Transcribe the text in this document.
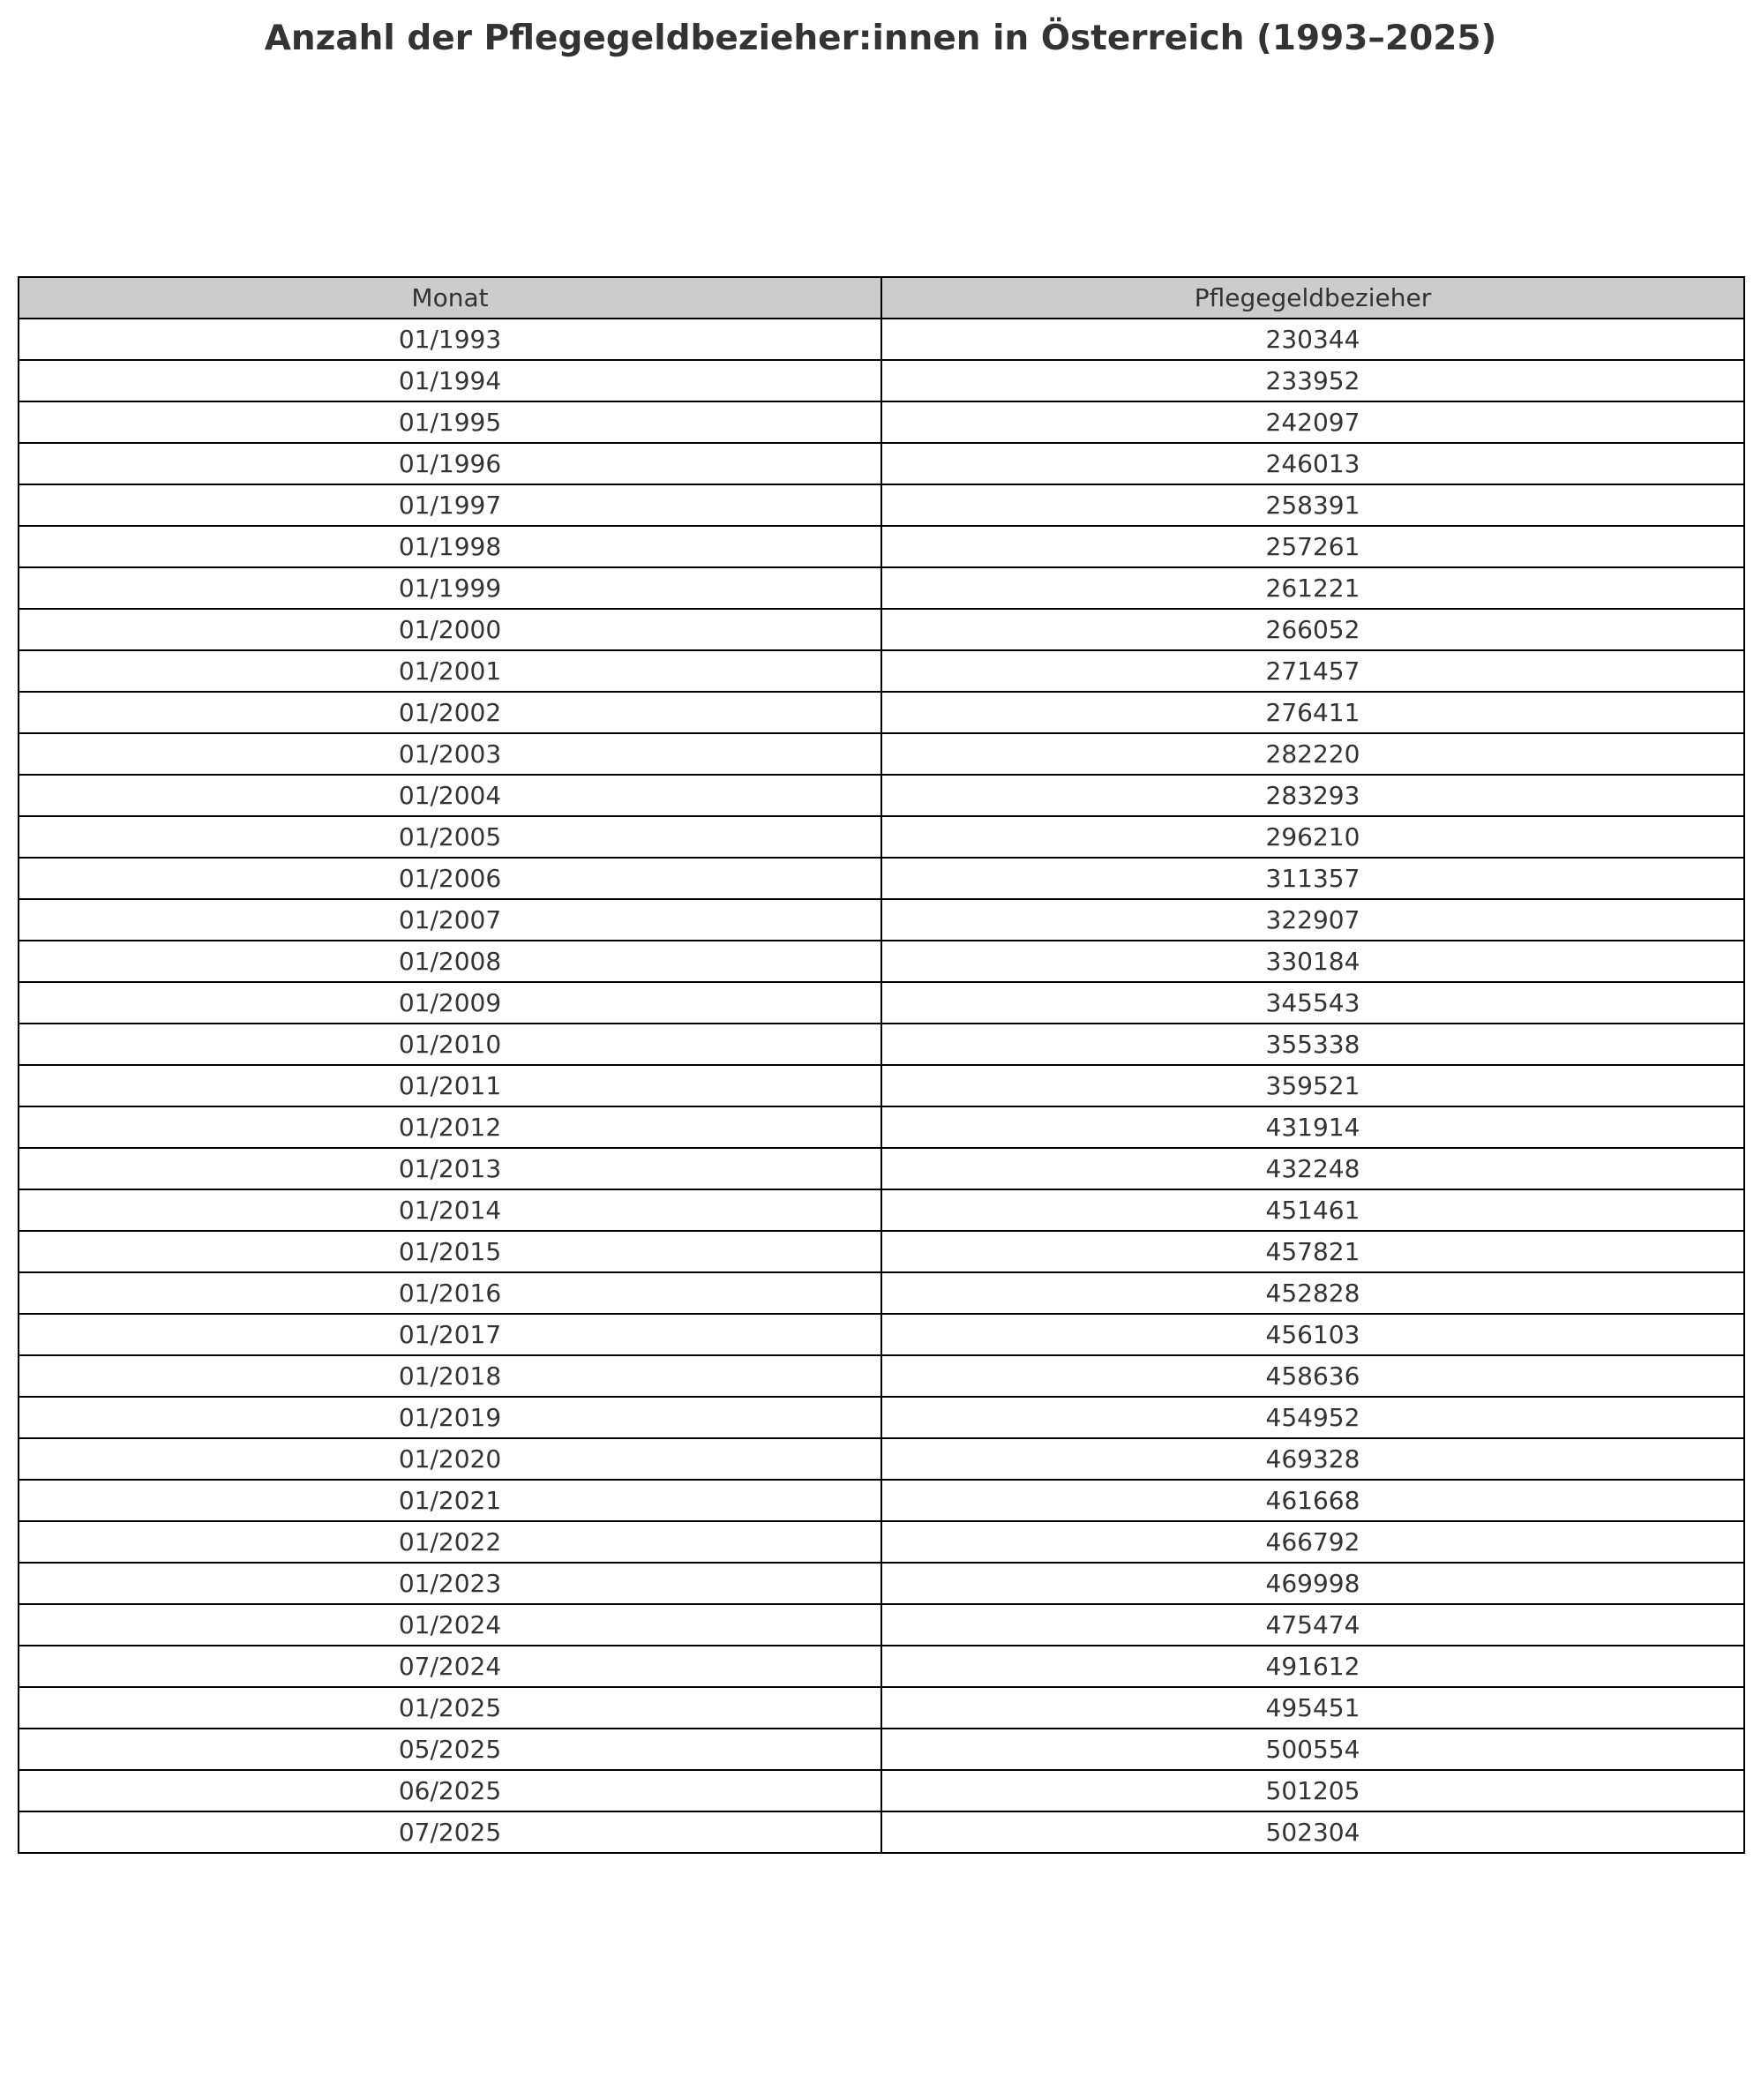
Anzahl der Pflegegeldbezieher:innen in Österreich (1993–2025)
Monat	Pflegegeldbezieher
01/1993	230344
01/1994	233952
01/1995	242097
01/1996	246013
01/1997	258391
01/1998	257261
01/1999	261221
01/2000	266052
01/2001	271457
01/2002	276411
01/2003	282220
01/2004	283293
01/2005	296210
01/2006	311357
01/2007	322907
01/2008	330184
01/2009	345543
01/2010	355338
01/2011	359521
01/2012	431914
01/2013	432248
01/2014	451461
01/2015	457821
01/2016	452828
01/2017	456103
01/2018	458636
01/2019	454952
01/2020	469328
01/2021	461668
01/2022	466792
01/2023	469998
01/2024	475474
07/2024	491612
01/2025	495451
05/2025	500554
06/2025	501205
07/2025	502304
